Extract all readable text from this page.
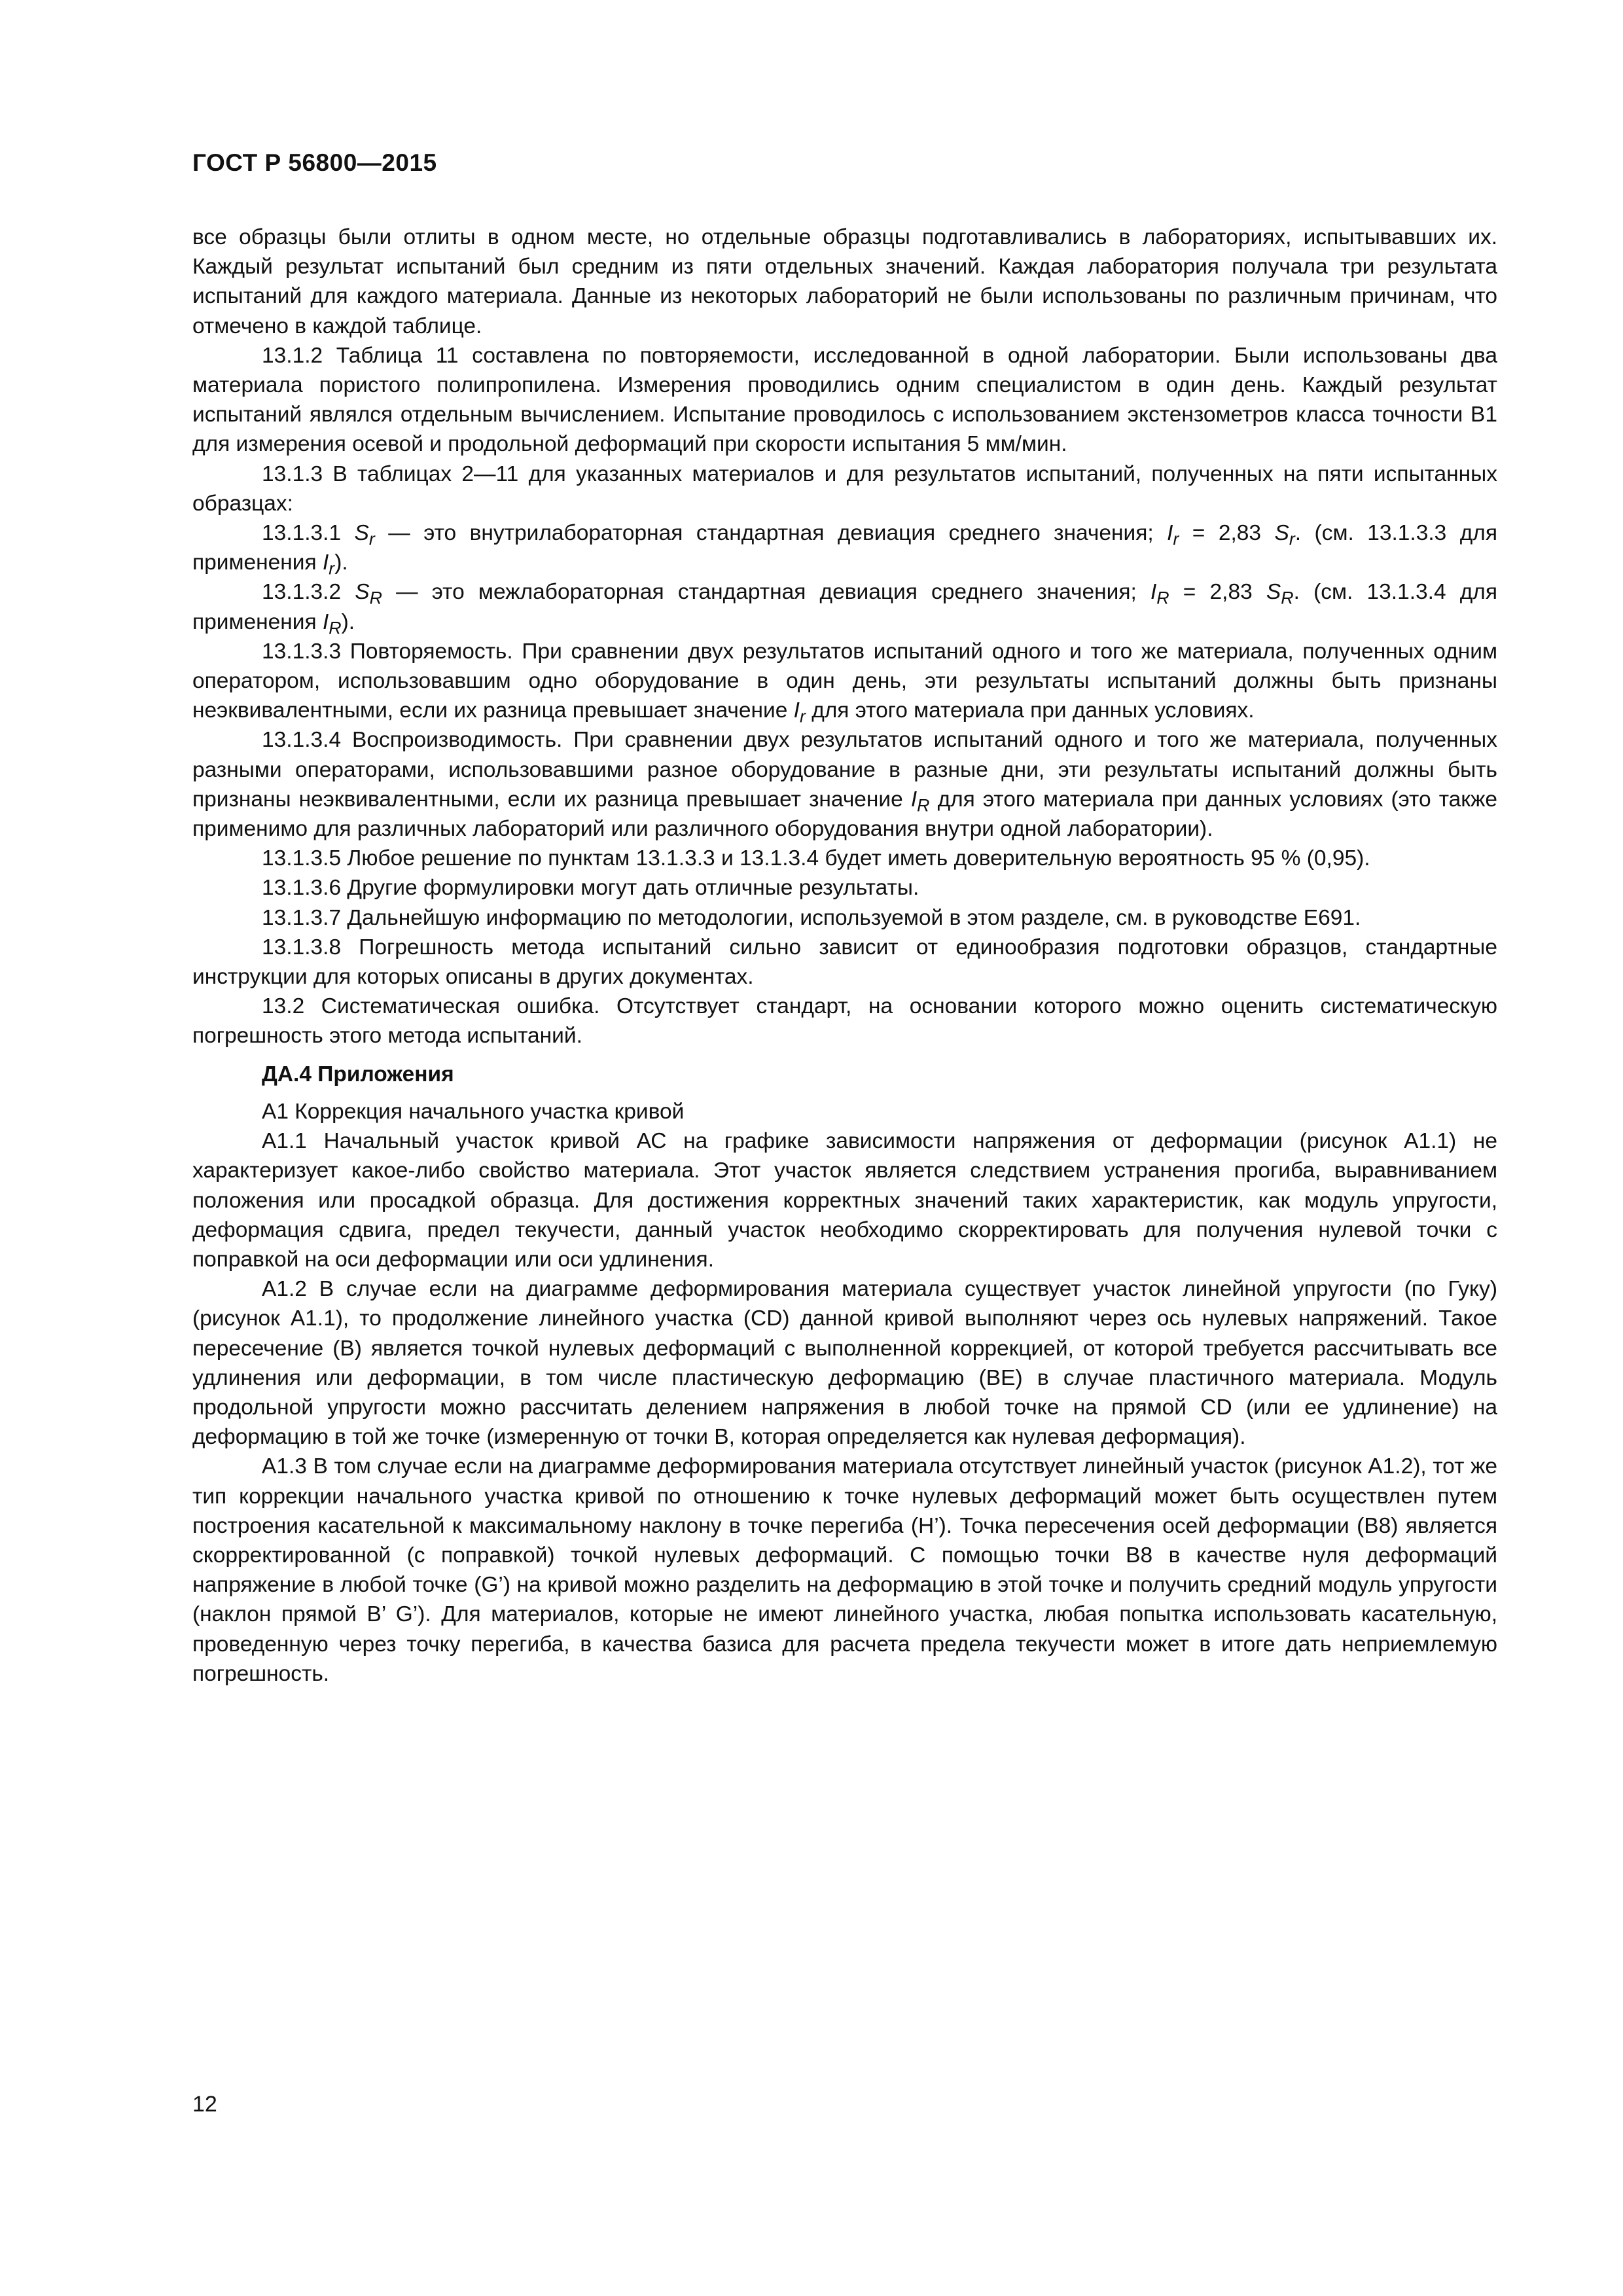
ГОСТ Р 56800—2015

все образцы были отлиты в одном месте, но отдельные образцы подготавливались в лабораториях, испытывавших их. Каждый результат испытаний был средним из пяти отдельных значений. Каждая лаборатория получала три результата испытаний для каждого материала. Данные из некоторых лабораторий не были использованы по различным причинам, что отмечено в каждой таблице.

13.1.2 Таблица 11 составлена по повторяемости, исследованной в одной лаборатории. Были использованы два материала пористого полипропилена. Измерения проводились одним специалистом в один день. Каждый результат испытаний являлся отдельным вычислением. Испытание проводилось с использованием экстензометров класса точности В1 для измерения осевой и продольной деформаций при скорости испытания 5 мм/мин.

13.1.3 В таблицах 2—11 для указанных материалов и для результатов испытаний, полученных на пяти испытанных образцах:

13.1.3.1 $S_r$ — это внутрилабораторная стандартная девиация среднего значения; $I_r = 2,83$ $S_r$. (см. 13.1.3.3 для применения $I_r$).

13.1.3.2 $S_R$ — это межлабораторная стандартная девиация среднего значения; $I_R = 2,83$ $S_R$. (см. 13.1.3.4 для применения $I_R$).

13.1.3.3 Повторяемость. При сравнении двух результатов испытаний одного и того же материала, полученных одним оператором, использовавшим одно оборудование в один день, эти результаты испытаний должны быть признаны неэквивалентными, если их разница превышает значение $I_r$ для этого материала при данных условиях.

13.1.3.4 Воспроизводимость. При сравнении двух результатов испытаний одного и того же материала, полученных разными операторами, использовавшими разное оборудование в разные дни, эти результаты испытаний должны быть признаны неэквивалентными, если их разница превышает значение $I_R$ для этого материала при данных условиях (это также применимо для различных лабораторий или различного оборудования внутри одной лаборатории).

13.1.3.5 Любое решение по пунктам 13.1.3.3 и 13.1.3.4 будет иметь доверительную вероятность 95 % (0,95).

13.1.3.6 Другие формулировки могут дать отличные результаты.

13.1.3.7 Дальнейшую информацию по методологии, используемой в этом разделе, см. в руководстве Е691.

13.1.3.8 Погрешность метода испытаний сильно зависит от единообразия подготовки образцов, стандартные инструкции для которых описаны в других документах.

13.2 Систематическая ошибка. Отсутствует стандарт, на основании которого можно оценить систематическую погрешность этого метода испытаний.

ДА.4 Приложения

А1 Коррекция начального участка кривой

А1.1 Начальный участок кривой АС на графике зависимости напряжения от деформации (рисунок А1.1) не характеризует какое-либо свойство материала. Этот участок является следствием устранения прогиба, выравниванием положения или просадкой образца. Для достижения корректных значений таких характеристик, как модуль упругости, деформация сдвига, предел текучести, данный участок необходимо скорректировать для получения нулевой точки с поправкой на оси деформации или оси удлинения.

А1.2 В случае если на диаграмме деформирования материала существует участок линейной упругости (по Гуку) (рисунок А1.1), то продолжение линейного участка (CD) данной кривой выполняют через ось нулевых напряжений. Такое пересечение (В) является точкой нулевых деформаций с выполненной коррекцией, от которой требуется рассчитывать все удлинения или деформации, в том числе пластическую деформацию (BE) в случае пластичного материала. Модуль продольной упругости можно рассчитать делением напряжения в любой точке на прямой CD (или ее удлинение) на деформацию в той же точке (измеренную от точки В, которая определяется как нулевая деформация).

А1.3 В том случае если на диаграмме деформирования материала отсутствует линейный участок (рисунок А1.2), тот же тип коррекции начального участка кривой по отношению к точке нулевых деформаций может быть осуществлен путем построения касательной к максимальному наклону в точке перегиба (H’). Точка пересечения осей деформации (B8) является скорректированной (с поправкой) точкой нулевых деформаций. С помощью точки B8 в качестве нуля деформаций напряжение в любой точке (G’) на кривой можно разделить на деформацию в этой точке и получить средний модуль упругости (наклон прямой B’ G’). Для материалов, которые не имеют линейного участка, любая попытка использовать касательную, проведенную через точку перегиба, в качества базиса для расчета предела текучести может в итоге дать неприемлемую погрешность.

12
